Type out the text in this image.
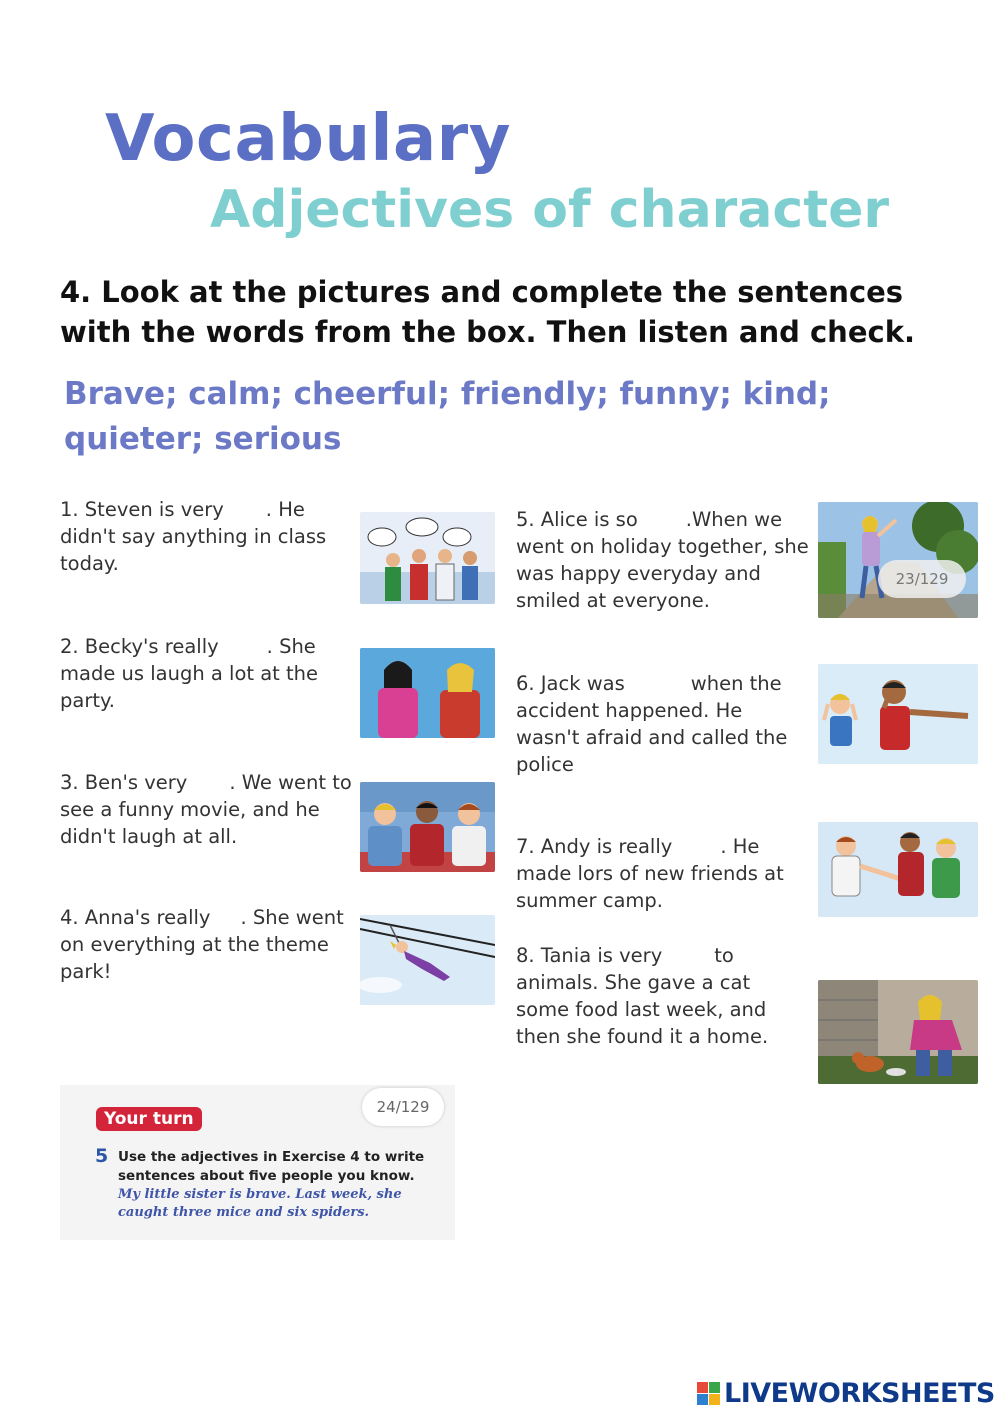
Vocabulary
Adjectives of character
4. Look at the pictures and complete the sentences with the words from the box. Then listen and check.
Brave; calm; cheerful; friendly; funny; kind; quieter; serious
1. Steven is very . He didn't say anything in class today.
2. Becky's really . She made us laugh a lot at the party.
3. Ben's very . We went to see a funny movie, and he didn't laugh at all.
4. Anna's really . She went on everything at the theme park!
5. Alice is so .When we went on holiday together, she was happy everyday and smiled at everyone.
6. Jack was	when the accident happened. He wasn't afraid and called the police
7. Andy is really . He made lors of new friends at summer camp.
8. Tania is very	to animals. She gave a cat some food last week, and then she found it a home.
23/129
Your turn
5 Use the adjectives in Exercise 4 to write sentences about five people you know.
My little sister is brave. Last week, she caught three mice and six spiders.
24/129
LIVEWORKSHEETS
